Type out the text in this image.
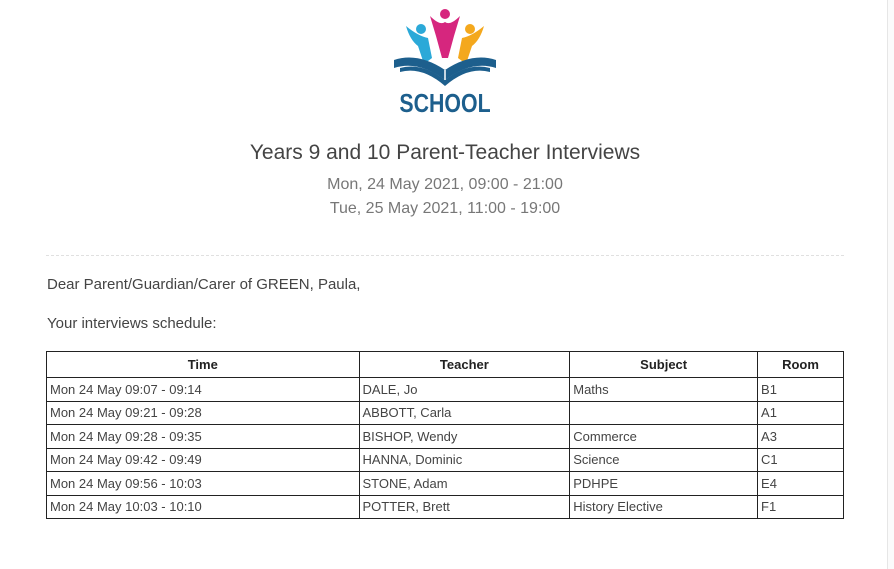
SCHOOL
Years 9 and 10 Parent-Teacher Interviews
Mon, 24 May 2021, 09:00 - 21:00
Tue, 25 May 2021, 11:00 - 19:00
Dear Parent/Guardian/Carer of GREEN, Paula,
Your interviews schedule:
Time	Teacher	Subject	Room
Mon 24 May 09:07 - 09:14	DALE, Jo	Maths	B1
Mon 24 May 09:21 - 09:28	ABBOTT, Carla		A1
Mon 24 May 09:28 - 09:35	BISHOP, Wendy	Commerce	A3
Mon 24 May 09:42 - 09:49	HANNA, Dominic	Science	C1
Mon 24 May 09:56 - 10:03	STONE, Adam	PDHPE	E4
Mon 24 May 10:03 - 10:10	POTTER, Brett	History Elective	F1
